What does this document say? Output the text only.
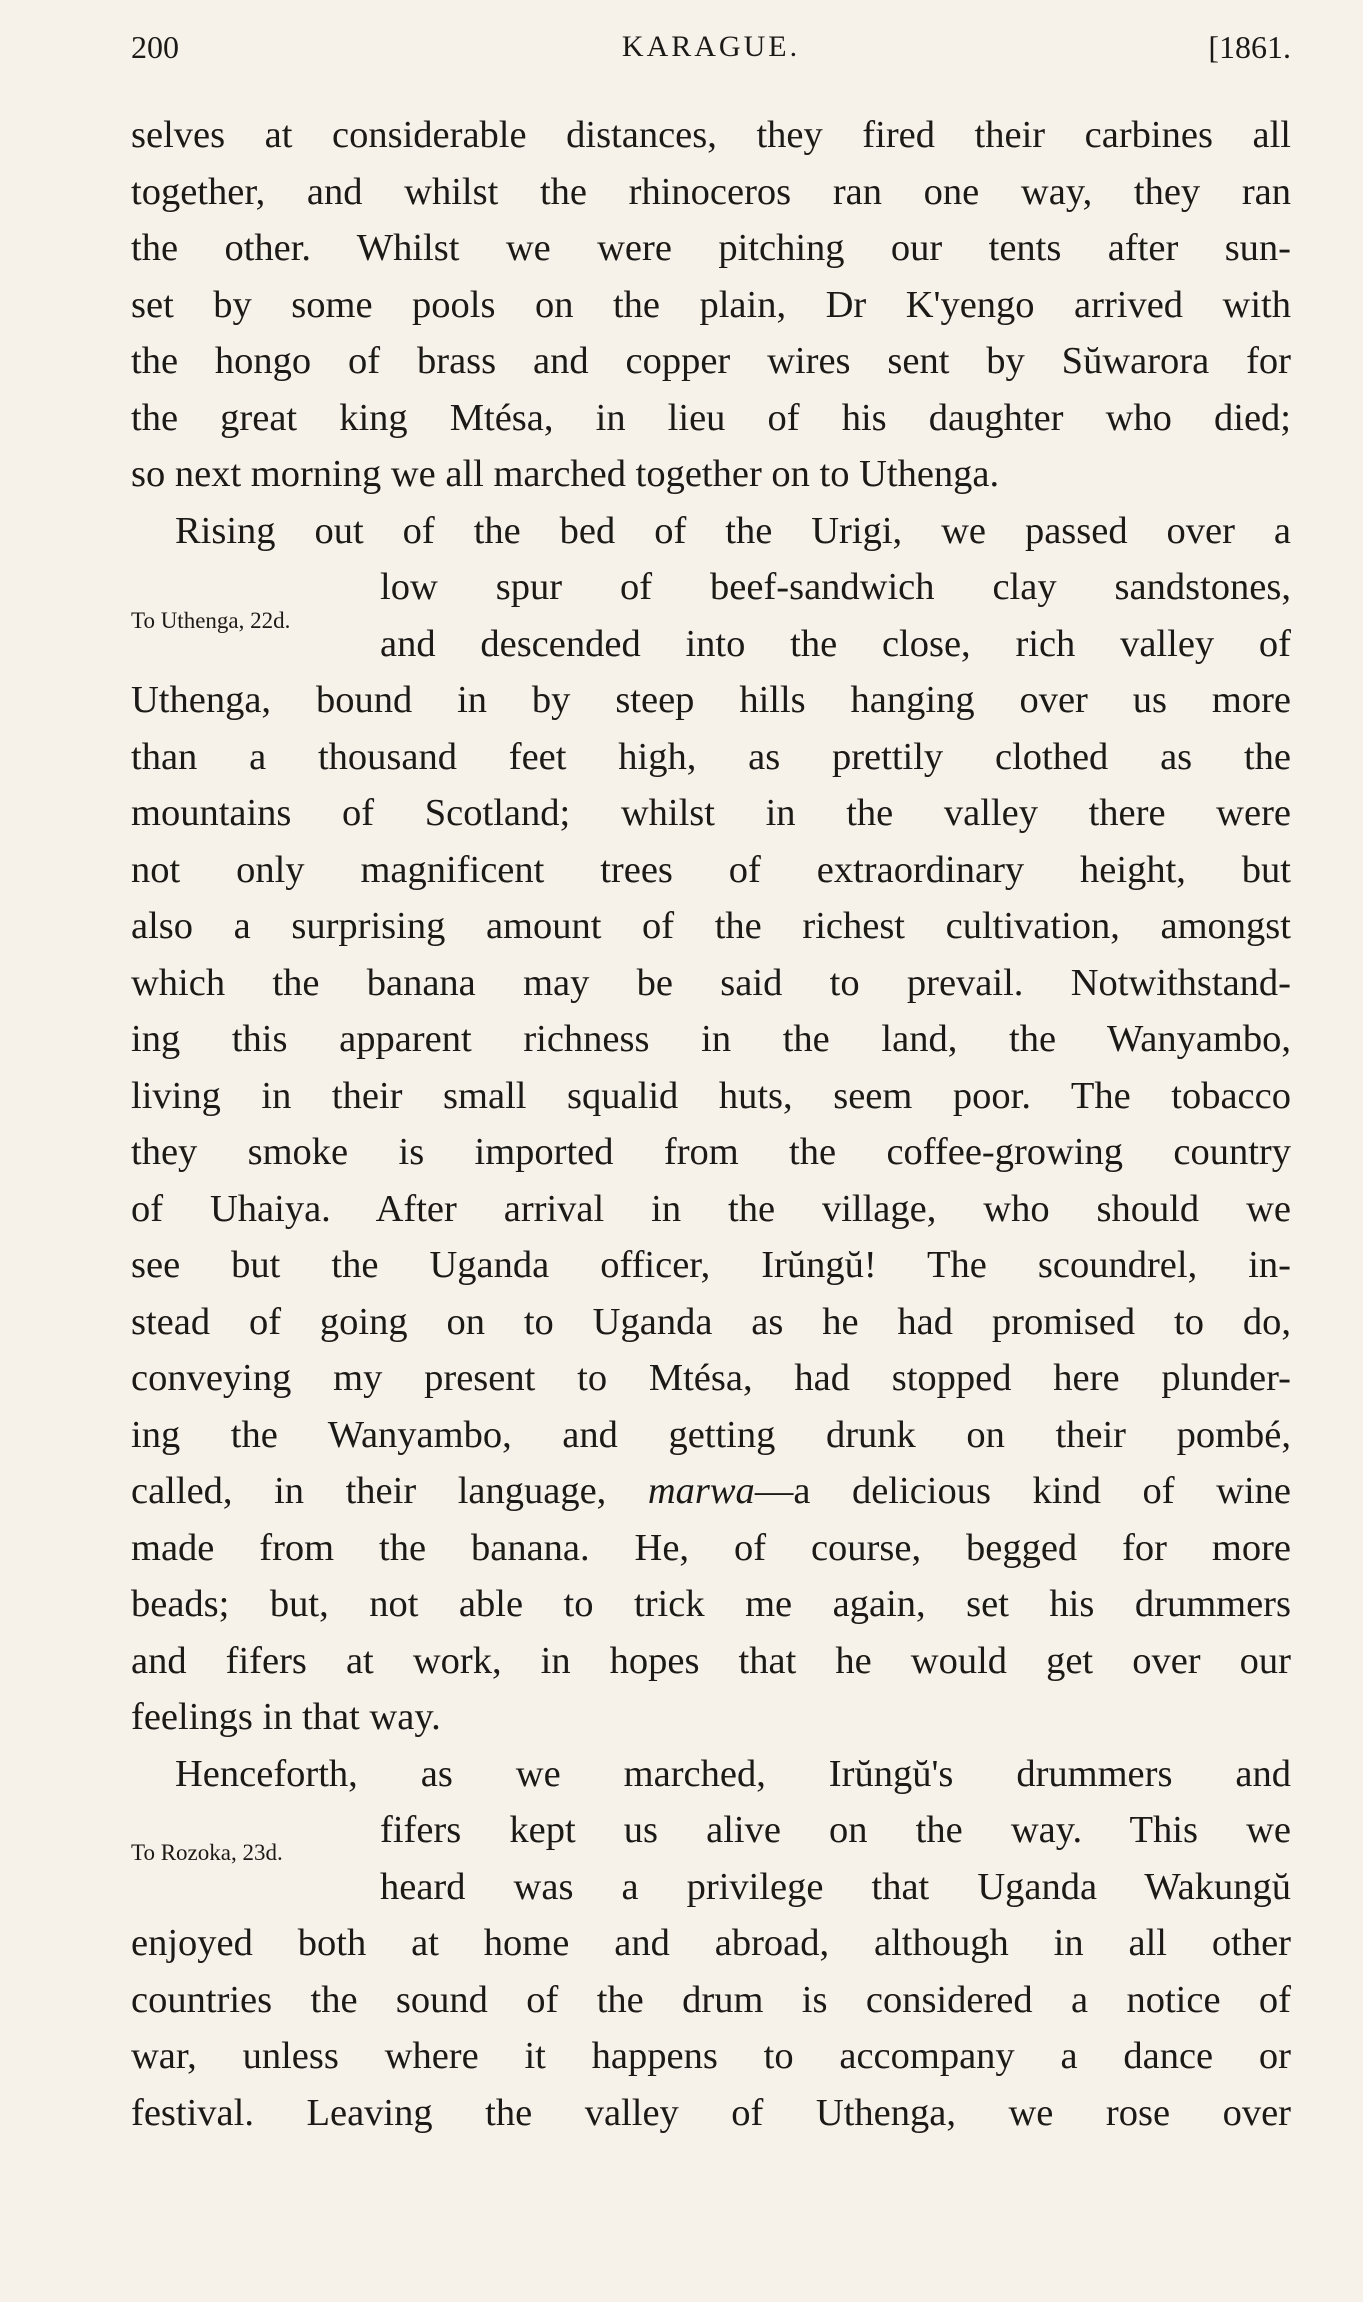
200	KARAGUE.	[1861.
To Uthenga, 22d.
To Rozoka, 23d.
selves at considerable distances, they fired their carbines all
together, and whilst the rhinoceros ran one way, they ran
the other. Whilst we were pitching our tents after sun-
set by some pools on the plain, Dr K'yengo arrived with
the hongo of brass and copper wires sent by Sŭwarora for
the great king Mtésa, in lieu of his daughter who died;
so next morning we all marched together on to Uthenga.
Rising out of the bed of the Urigi, we passed over a
low spur of beef-sandwich clay sandstones,
and descended into the close, rich valley of
Uthenga, bound in by steep hills hanging over us more
than a thousand feet high, as prettily clothed as the
mountains of Scotland; whilst in the valley there were
not only magnificent trees of extraordinary height, but
also a surprising amount of the richest cultivation, amongst
which the banana may be said to prevail. Notwithstand-
ing this apparent richness in the land, the Wanyambo,
living in their small squalid huts, seem poor. The tobacco
they smoke is imported from the coffee-growing country
of Uhaiya. After arrival in the village, who should we
see but the Uganda officer, Irŭngŭ! The scoundrel, in-
stead of going on to Uganda as he had promised to do,
conveying my present to Mtésa, had stopped here plunder-
ing the Wanyambo, and getting drunk on their pombé,
called, in their language, marwa—a delicious kind of wine
made from the banana. He, of course, begged for more
beads; but, not able to trick me again, set his drummers
and fifers at work, in hopes that he would get over our
feelings in that way.
Henceforth, as we marched, Irŭngŭ's drummers and
fifers kept us alive on the way. This we
heard was a privilege that Uganda Wakungŭ
enjoyed both at home and abroad, although in all other
countries the sound of the drum is considered a notice of
war, unless where it happens to accompany a dance or
festival. Leaving the valley of Uthenga, we rose over
